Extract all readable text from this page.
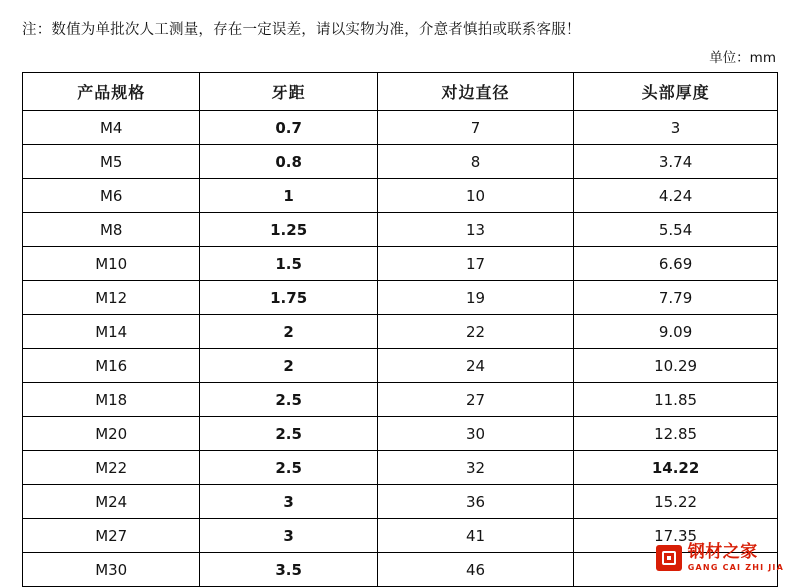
注：数值为单批次人工测量，存在一定误差，请以实物为准，介意者慎拍或联系客服！
单位：mm
产品规格	牙距	对边直径	头部厚度
M4	0.7	7	3
M5	0.8	8	3.74
M6	1	10	4.24
M8	1.25	13	5.54
M10	1.5	17	6.69
M12	1.75	19	7.79
M14	2	22	9.09
M16	2	24	10.29
M18	2.5	27	11.85
M20	2.5	30	12.85
M22	2.5	32	14.22
M24	3	36	15.22
M27	3	41	17.35
M30	3.5	46	
钢材之家
GANG CAI ZHI JIA
